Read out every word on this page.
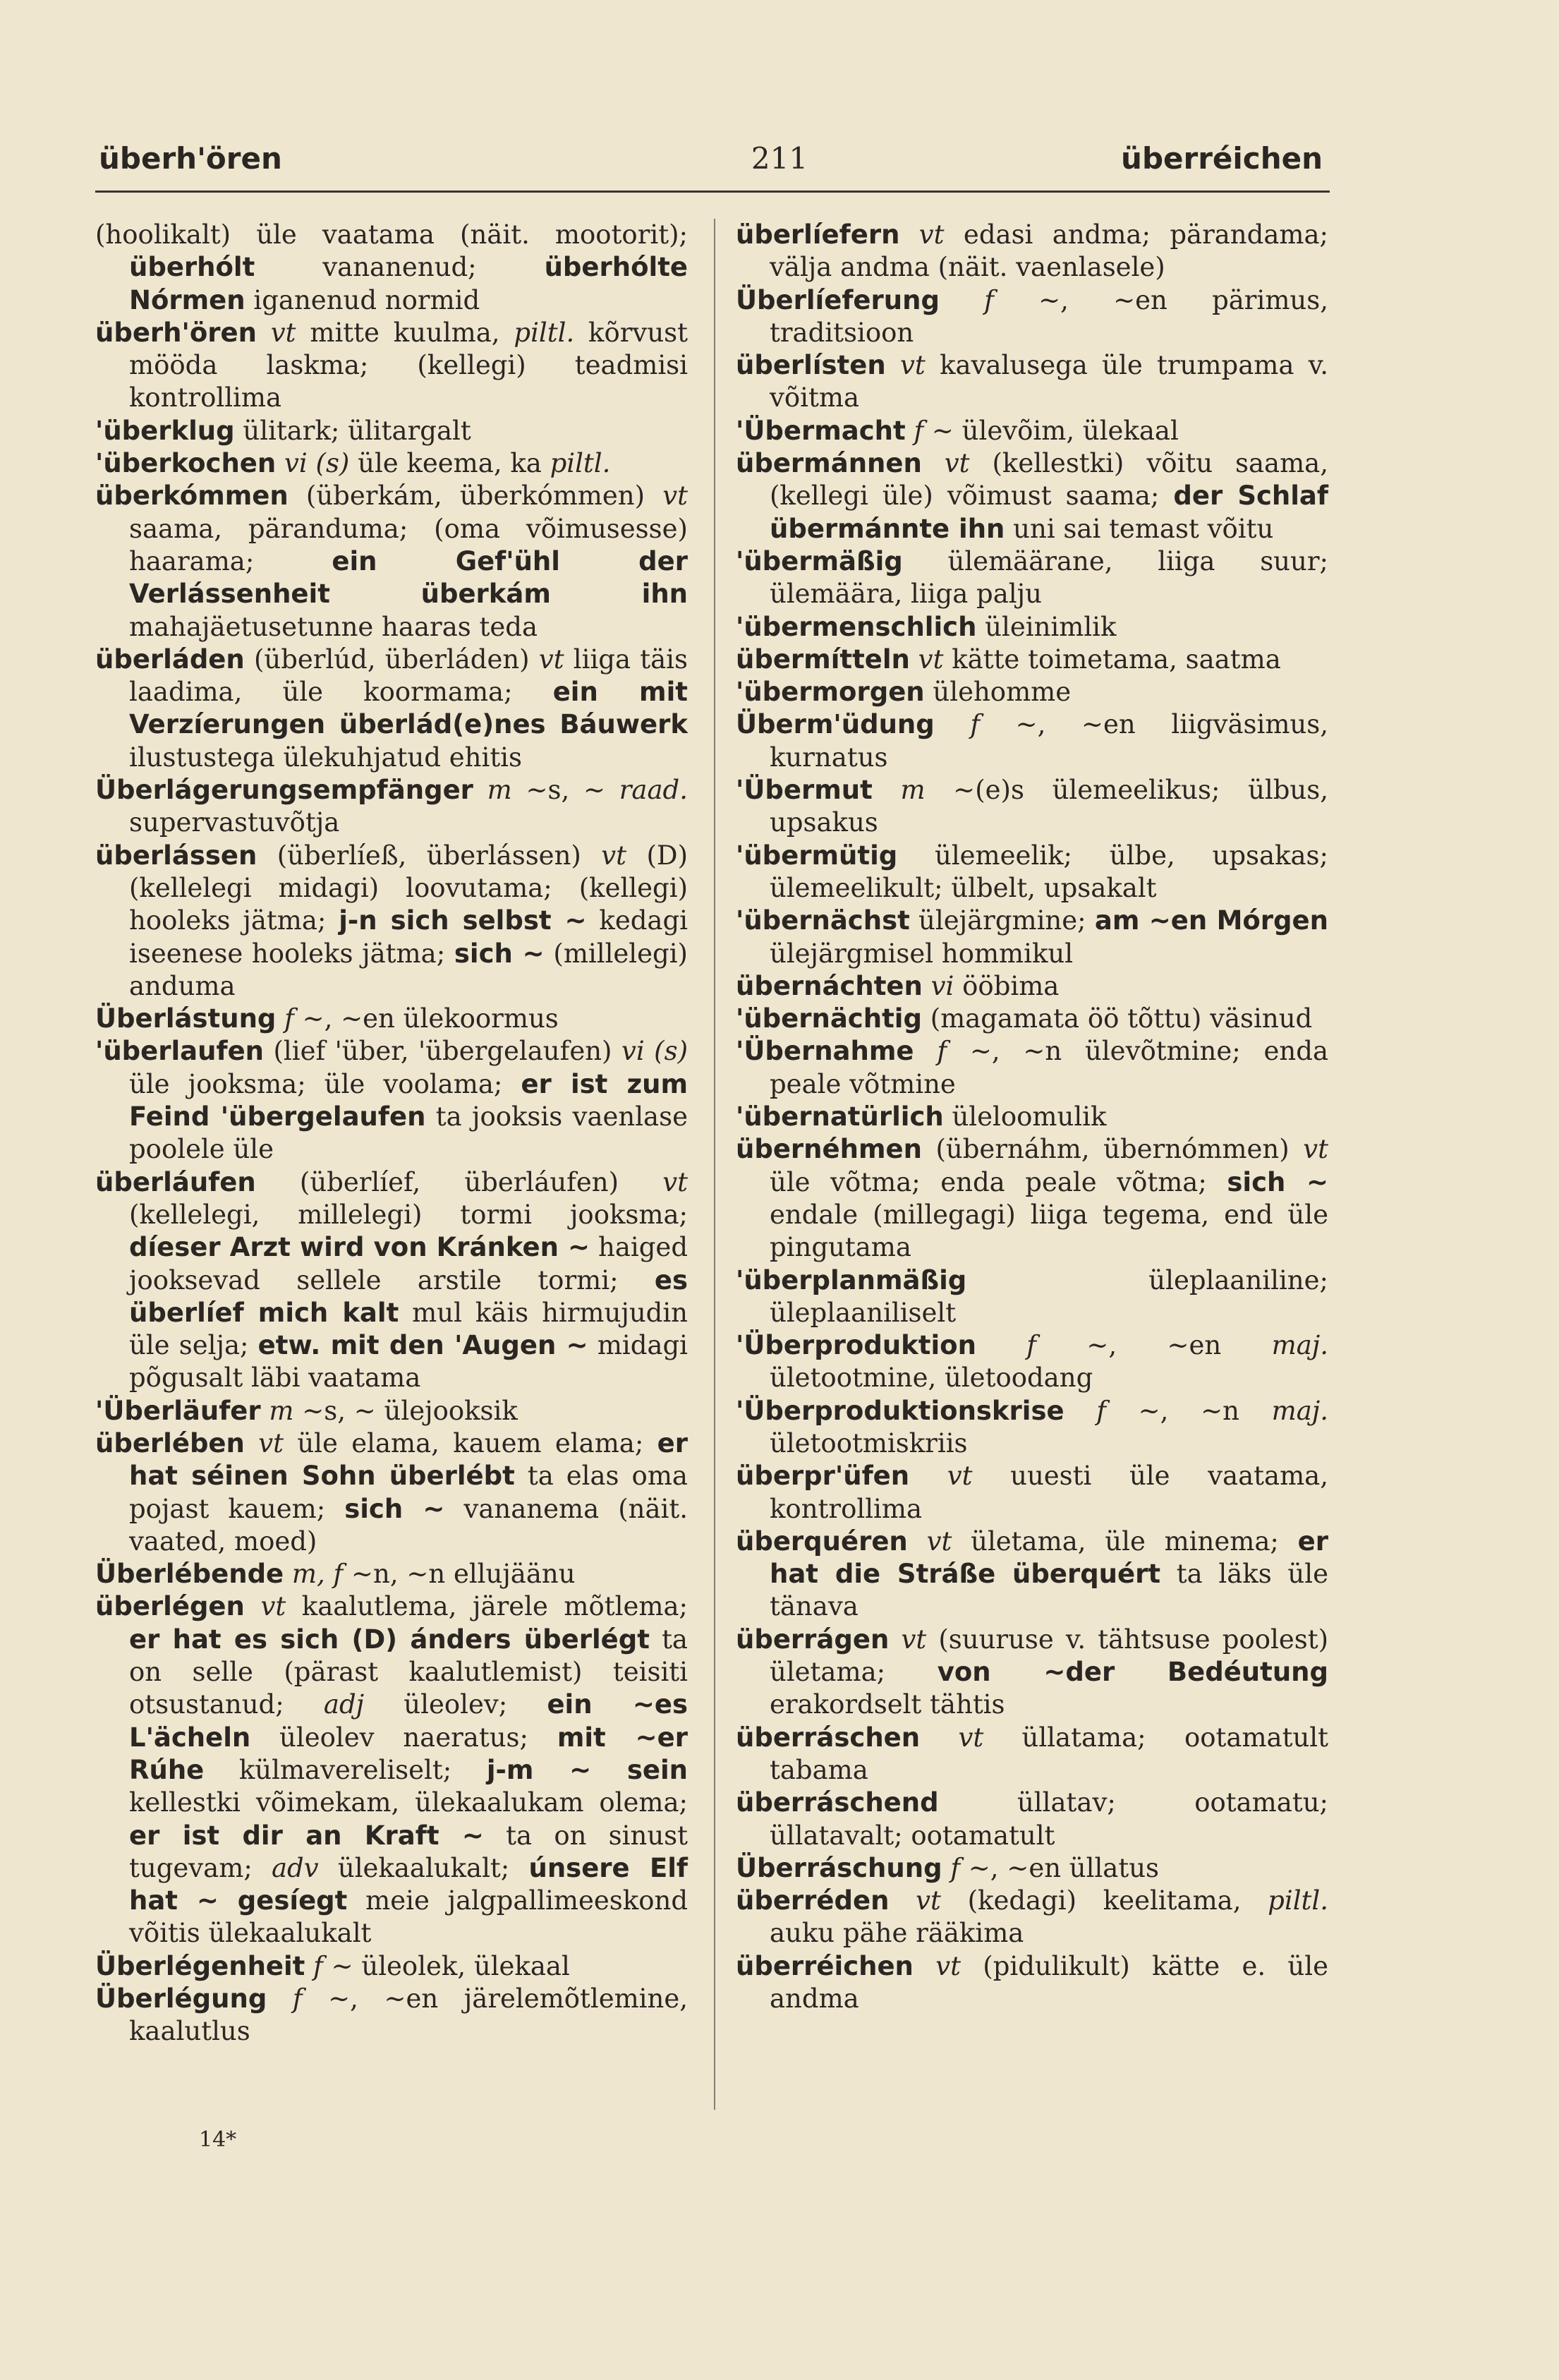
überh'ören	211	überréichen

(hoolikalt) üle vaatama (näit. mootorit); überhólt vananenud; überhólte Nórmen iganenud normid

überh'ören vt mitte kuulma, piltl. kõrvust mööda laskma; (kellegi) teadmisi kontrollima

'überklug ülitark; ülitargalt

'überkochen vi (s) üle keema, ka piltl.

überkómmen (überkám, überkómmen) vt saama, päranduma; (oma võimusesse) haarama; ein Gef'ühl der Verlássenheit überkám ihn mahajäetusetunne haaras teda

überláden (überlúd, überláden) vt liiga täis laadima, üle koormama; ein mit Verzíerungen überlád(e)nes Báuwerk ilustustega ülekuhjatud ehitis

Überlágerungsempfänger m ~s, ~ raad. supervastuvõtja

überlássen (überlíeß, überlássen) vt (D) (kellelegi midagi) loovutama; (kellegi) hooleks jätma; j-n sich selbst ~ kedagi iseenese hooleks jätma; sich ~ (millelegi) anduma

Überlástung f ~, ~en ülekoormus

'überlaufen (lief 'über, 'übergelaufen) vi (s) üle jooksma; üle voolama; er ist zum Feind 'übergelaufen ta jooksis vaenlase poolele üle

überláufen (überlíef, überláufen) vt (kellelegi, millelegi) tormi jooksma; díeser Arzt wird von Kránken ~ haiged jooksevad sellele arstile tormi; es überlíef mich kalt mul käis hirmujudin üle selja; etw. mit den 'Augen ~ midagi põgusalt läbi vaatama

'Überläufer m ~s, ~ ülejooksik

überlében vt üle elama, kauem elama; er hat séinen Sohn überlébt ta elas oma pojast kauem; sich ~ vananema (näit. vaated, moed)

Überlébende m, f ~n, ~n ellujäänu

überlégen vt kaalutlema, järele mõtlema; er hat es sich (D) ánders überlégt ta on selle (pärast kaalutlemist) teisiti otsustanud; adj üleolev; ein ~es L'ächeln üleolev naeratus; mit ~er Rúhe külmavereliselt; j-m ~ sein kellestki võimekam, ülekaalukam olema; er ist dir an Kraft ~ ta on sinust tugevam; adv ülekaalukalt; únsere Elf hat ~ gesíegt meie jalgpallimeeskond võitis ülekaalukalt

Überlégenheit f ~ üleolek, ülekaal

Überlégung f ~, ~en järelemõtlemine, kaalutlus

überlíefern vt edasi andma; pärandama; välja andma (näit. vaenlasele)

Überlíeferung f ~, ~en pärimus, traditsioon

überlísten vt kavalusega üle trumpama v. võitma

'Übermacht f ~ ülevõim, ülekaal

übermánnen vt (kellestki) võitu saama, (kellegi üle) võimust saama; der Schlaf übermánnte ihn uni sai temast võitu

'übermäßig ülemäärane, liiga suur; ülemäära, liiga palju

'übermenschlich üleinimlik

übermítteln vt kätte toimetama, saatma

'übermorgen ülehomme

Überm'üdung f ~, ~en liigväsimus, kurnatus

'Übermut m ~(e)s ülemeelikus; ülbus, upsakus

'übermütig ülemeelik; ülbe, upsakas; ülemeelikult; ülbelt, upsakalt

'übernächst ülejärgmine; am ~en Mórgen ülejärgmisel hommikul

übernáchten vi ööbima

'übernächtig (magamata öö tõttu) väsinud

'Übernahme f ~, ~n ülevõtmine; enda peale võtmine

'übernatürlich üleloomulik

übernéhmen (übernáhm, übernómmen) vt üle võtma; enda peale võtma; sich ~ endale (millegagi) liiga tegema, end üle pingutama

'überplanmäßig üleplaaniline; üleplaaniliselt

'Überproduktion f ~, ~en maj. ületootmine, ületoodang

'Überproduktionskrise f ~, ~n maj. ületootmiskriis

überpr'üfen vt uuesti üle vaatama, kontrollima

überquéren vt ületama, üle minema; er hat die Stráße überquért ta läks üle tänava

überrágen vt (suuruse v. tähtsuse poolest) ületama; von ~der Bedéutung erakordselt tähtis

überráschen vt üllatama; ootamatult tabama

überráschend üllatav; ootamatu; üllatavalt; ootamatult

Überráschung f ~, ~en üllatus

überréden vt (kedagi) keelitama, piltl. auku pähe rääkima

überréichen vt (pidulikult) kätte e. üle andma

14*
